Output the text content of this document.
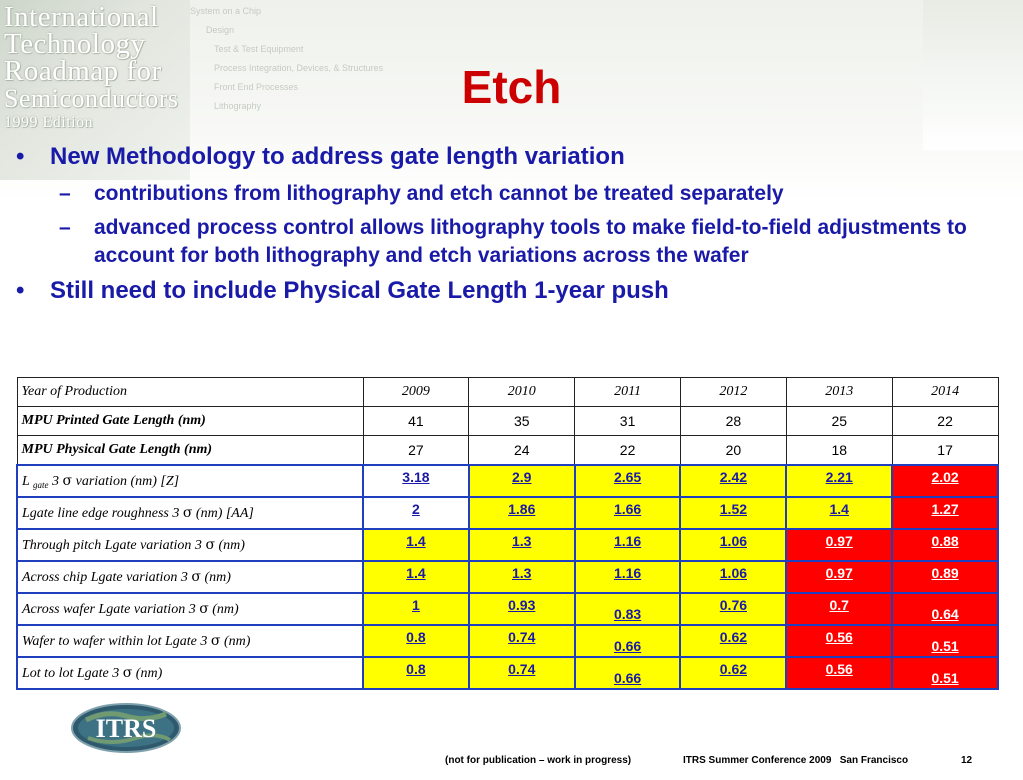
International
Technology
Roadmap for
Semiconductors
1999 Edition
System on a Chip
Design
Test & Test Equipment
Process Integration, Devices, & Structures
Front End Processes
Lithography	Etch
• New Methodology to address gate length variation
– contributions from lithography and etch cannot be treated separately
– advanced process control allows lithography tools to make field-to-field adjustments to account for both lithography and etch variations across the wafer
• Still need to include Physical Gate Length 1-year push
Year of Production	2009	2010	2011	2012	2013	2014
MPU Printed Gate Length (nm)	41	35	31	28	25	22
MPU Physical Gate Length (nm)	27	24	22	20	18	17
L $_{gate}$ 3 σ variation (nm) [Z]	3.18	2.9	2.65	2.42	2.21	2.02
Lgate line edge roughness 3 σ (nm) [AA]	2	1.86	1.66	1.52	1.4	1.27
Through pitch Lgate variation 3 σ (nm)	1.4	1.3	1.16	1.06	0.97	0.88
Across chip Lgate variation 3 σ (nm)	1.4	1.3	1.16	1.06	0.97	0.89
Across wafer Lgate variation 3 σ (nm)	1	0.93	0.83	0.76	0.7	0.64
Wafer to wafer within lot Lgate 3 σ (nm)	0.8	0.74	0.66	0.62	0.56	0.51
Lot to lot Lgate 3 σ (nm)	0.8	0.74	0.66	0.62	0.56	0.51
ITRS
(not for publication – work in progress)	ITRS Summer Conference 2009   San Francisco	12
